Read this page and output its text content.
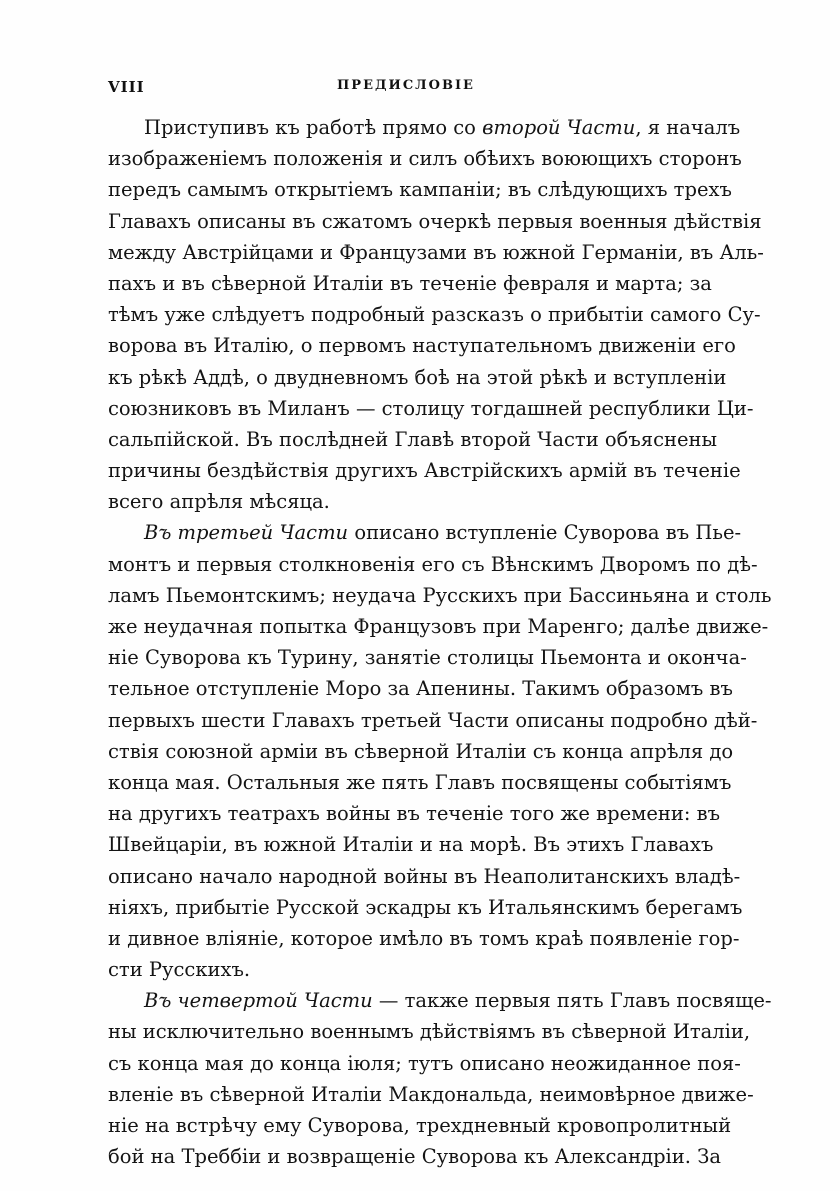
VIII	ПРЕДИСЛОВІЕ
Приступивъ къ работѣ прямо со второй Части, я началъ
изображеніемъ положенія и силъ обѣихъ воюющихъ сторонъ
передъ самымъ открытіемъ кампаніи; въ слѣдующихъ трехъ
Главахъ описаны въ сжатомъ очеркѣ первыя военныя дѣйствія
между Австрійцами и Французами въ южной Германіи, въ Аль-
пахъ и въ сѣверной Италіи въ теченіе февраля и марта; за
тѣмъ уже слѣдуетъ подробный разсказъ о прибытіи самого Су-
ворова въ Италію, о первомъ наступательномъ движеніи его
къ рѣкѣ Аддѣ, о двудневномъ боѣ на этой рѣкѣ и вступленіи
союзниковъ въ Миланъ — столицу тогдашней республики Ци-
сальпійской. Въ послѣдней Главѣ второй Части объяснены
причины бездѣйствія другихъ Австрійскихъ армій въ теченіе
всего апрѣля мѣсяца.
Въ третьей Части описано вступленіе Суворова въ Пье-
монтъ и первыя столкновенія его съ Вѣнскимъ Дворомъ по дѣ-
ламъ Пьемонтскимъ; неудача Русскихъ при Бассиньяна и столь
же неудачная попытка Французовъ при Маренго; далѣе движе-
ніе Суворова къ Турину, занятіе столицы Пьемонта и оконча-
тельное отступленіе Моро за Апенины. Такимъ образомъ въ
первыхъ шести Главахъ третьей Части описаны подробно дѣй-
ствія союзной арміи въ сѣверной Италіи съ конца апрѣля до
конца мая. Остальныя же пять Главъ посвящены событіямъ
на другихъ театрахъ войны въ теченіе того же времени: въ
Швейцаріи, въ южной Италіи и на морѣ. Въ этихъ Главахъ
описано начало народной войны въ Неаполитанскихъ владѣ-
ніяхъ, прибытіе Русской эскадры къ Итальянскимъ берегамъ
и дивное вліяніе, которое имѣло въ томъ краѣ появленіе гор-
сти Русскихъ.
Въ четвертой Части — также первыя пять Главъ посвяще-
ны исключительно военнымъ дѣйствіямъ въ сѣверной Италіи,
съ конца мая до конца іюля; тутъ описано неожиданное поя-
вленіе въ сѣверной Италіи Макдональда, неимовѣрное движе-
ніе на встрѣчу ему Суворова, трехдневный кровопролитный
бой на Треббіи и возвращеніе Суворова къ Александріи. За
